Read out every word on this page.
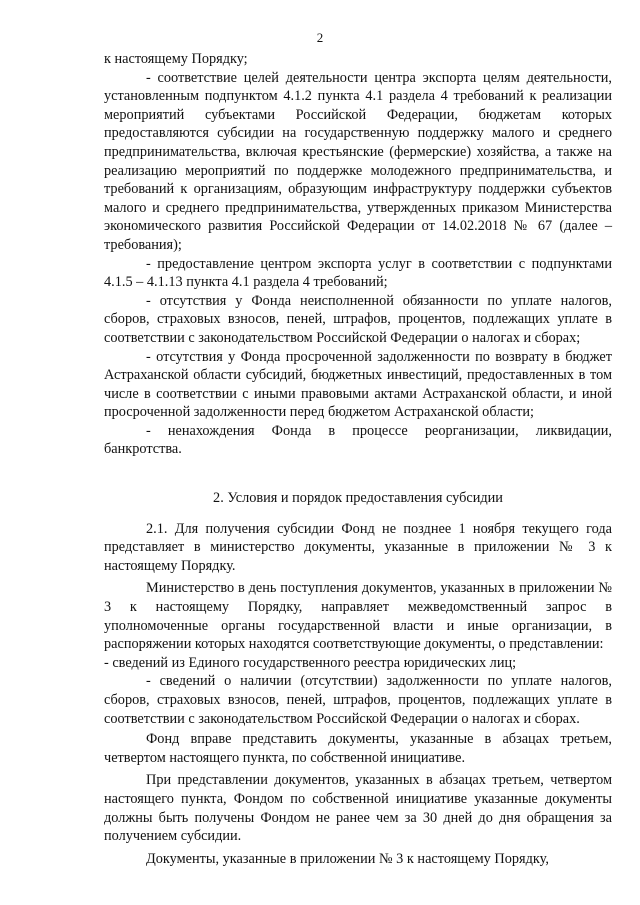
2

к настоящему Порядку;

- соответствие целей деятельности центра экспорта целям деятельности, установленным подпунктом 4.1.2 пункта 4.1 раздела 4 требований к реализации мероприятий субъектами Российской Федерации, бюджетам которых предоставляются субсидии на государственную поддержку малого и среднего предпринимательства, включая крестьянские (фермерские) хозяйства, а также на реализацию мероприятий по поддержке молодежного предпринимательства, и требований к организациям, образующим инфраструктуру поддержки субъектов малого и среднего предпринимательства, утвержденных приказом Министерства экономического развития Российской Федерации от 14.02.2018 № 67 (далее – требования);

- предоставление центром экспорта услуг в соответствии с подпунктами 4.1.5 – 4.1.13 пункта 4.1 раздела 4 требований;

- отсутствия у Фонда неисполненной обязанности по уплате налогов, сборов, страховых взносов, пеней, штрафов, процентов, подлежащих уплате в соответствии с законодательством Российской Федерации о налогах и сборах;

- отсутствия у Фонда просроченной задолженности по возврату в бюджет Астраханской области субсидий, бюджетных инвестиций, предоставленных в том числе в соответствии с иными правовыми актами Астраханской области, и иной просроченной задолженности перед бюджетом Астраханской области;

- ненахождения Фонда в процессе реорганизации, ликвидации, банкротства.

2. Условия и порядок предоставления субсидии

2.1. Для получения субсидии Фонд не позднее 1 ноября текущего года представляет в министерство документы, указанные в приложении № 3 к настоящему Порядку.

Министерство в день поступления документов, указанных в приложении № 3 к настоящему Порядку, направляет межведомственный запрос в уполномоченные органы государственной власти и иные организации, в распоряжении которых находятся соответствующие документы, о представлении:

- сведений из Единого государственного реестра юридических лиц;

- сведений о наличии (отсутствии) задолженности по уплате налогов, сборов, страховых взносов, пеней, штрафов, процентов, подлежащих уплате в соответствии с законодательством Российской Федерации о налогах и сборах.

Фонд вправе представить документы, указанные в абзацах третьем, четвертом настоящего пункта, по собственной инициативе.

При представлении документов, указанных в абзацах третьем, четвертом настоящего пункта, Фондом по собственной инициативе указанные документы должны быть получены Фондом не ранее чем за 30 дней до дня обращения за получением субсидии.

Документы, указанные в приложении № 3 к настоящему Порядку,
